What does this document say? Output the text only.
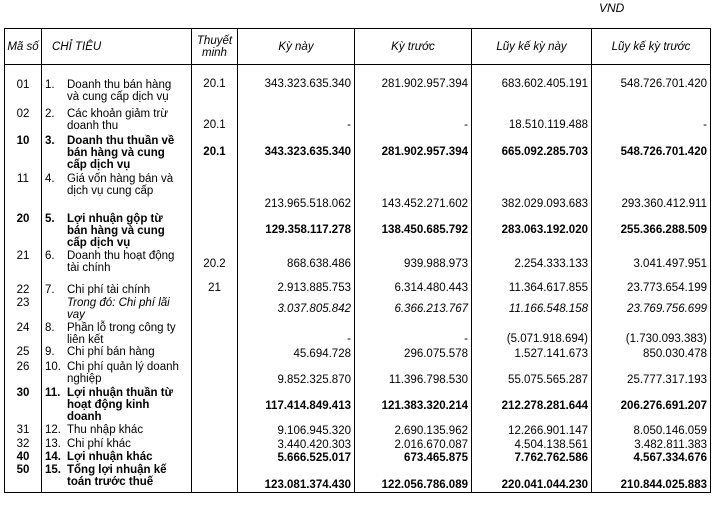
VND
Mã số	CHỈ TIÊU	Thuyết minh	Kỳ này	Kỳ trước	Lũy kế kỳ này	Lũy kế kỳ trước
01	1. Doanh thu bán hàng và cung cấp dịch vụ	20.1	343.323.635.340	281.902.957.394	683.602.405.191	548.726.701.420
02	2. Các khoản giảm trừ doanh thu	20.1	-	-	18.510.119.488	-
10	3. Doanh thu thuần về bán hàng và cung cấp dịch vụ	20.1	343.323.635.340	281.902.957.394	665.092.285.703	548.726.701.420
11	4. Giá vốn hàng bán và dịch vụ cung cấp		213.965.518.062	143.452.271.602	382.029.093.683	293.360.412.911
20	5. Lợi nhuận gộp từ bán hàng và cung cấp dịch vụ		129.358.117.278	138.450.685.792	283.063.192.020	255.366.288.509
21	6. Doanh thu hoạt động tài chính	20.2	868.638.486	939.988.973	2.254.333.133	3.041.497.951
22	7. Chi phí tài chính	21	2.913.885.753	6.314.480.443	11.364.617.855	23.773.654.199
23	Trong đó: Chi phí lãi vay		3.037.805.842	6.366.213.767	11.166.548.158	23.769.756.699
24	8. Phần lỗ trong công ty liên kết		-	-	(5.071.918.694)	(1.730.093.383)
25	9. Chi phí bán hàng		45.694.728	296.075.578	1.527.141.673	850.030.478
26	10. Chi phí quản lý doanh nghiệp		9.852.325.870	11.396.798.530	55.075.565.287	25.777.317.193
30	11. Lợi nhuận thuần từ hoạt động kinh doanh		117.414.849.413	121.383.320.214	212.278.281.644	206.276.691.207
31	12. Thu nhập khác		9.106.945.320	2.690.135.962	12.266.901.147	8.050.146.059
32	13. Chi phí khác		3.440.420.303	2.016.670.087	4.504.138.561	3.482.811.383
40	14. Lợi nhuận khác		5.666.525.017	673.465.875	7.762.762.586	4.567.334.676
50	15. Tổng lợi nhuận kế toán trước thuế		123.081.374.430	122.056.786.089	220.041.044.230	210.844.025.883
